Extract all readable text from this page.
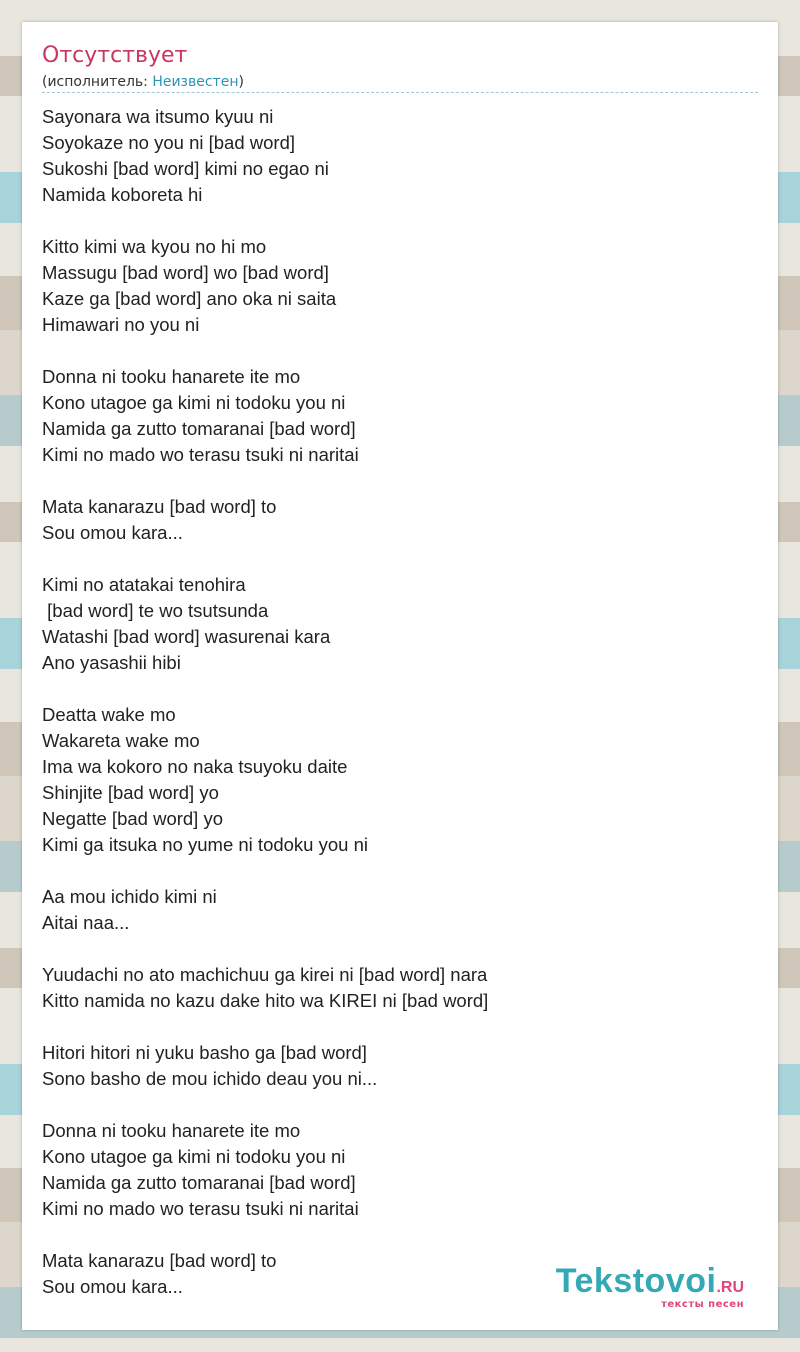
Отсутствует
(исполнитель: Неизвестен)
Sayonara wa itsumo kyuu ni
Soyokaze no you ni [bad word]
Sukoshi [bad word] kimi no egao ni
Namida koboreta hi
Kitto kimi wa kyou no hi mo
Massugu [bad word] wo [bad word]
Kaze ga [bad word] ano oka ni saita
Himawari no you ni
Donna ni tooku hanarete ite mo
Kono utagoe ga kimi ni todoku you ni
Namida ga zutto tomaranai [bad word]
Kimi no mado wo terasu tsuki ni naritai
Mata kanarazu [bad word] to
Sou omou kara...
Kimi no atatakai tenohira
[bad word] te wo tsutsunda
Watashi [bad word] wasurenai kara
Ano yasashii hibi
Deatta wake mo
Wakareta wake mo
Ima wa kokoro no naka tsuyoku daite
Shinjite [bad word] yo
Negatte [bad word] yo
Kimi ga itsuka no yume ni todoku you ni
Aa mou ichido kimi ni
Aitai naa...
Yuudachi no ato machichuu ga kirei ni [bad word] nara
Kitto namida no kazu dake hito wa KIREI ni [bad word]
Hitori hitori ni yuku basho ga [bad word]
Sono basho de mou ichido deau you ni...
Donna ni tooku hanarete ite mo
Kono utagoe ga kimi ni todoku you ni
Namida ga zutto tomaranai [bad word]
Kimi no mado wo terasu tsuki ni naritai
Mata kanarazu [bad word] to
Sou omou kara...	Tekstovoi.RU
тексты песен
